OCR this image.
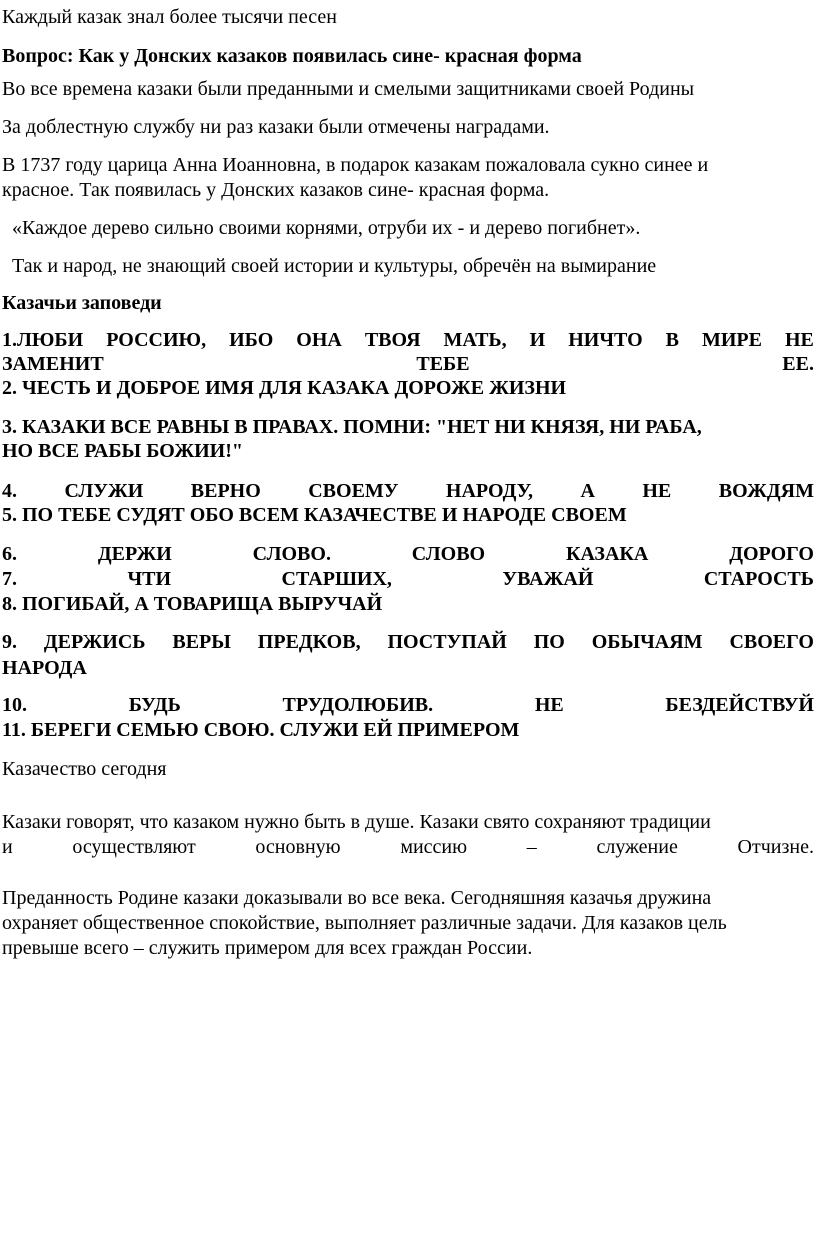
Каждый казак знал более тысячи песен

Вопрос: Как у Донских казаков появилась сине- красная форма

Во все времена казаки были преданными и смелыми защитниками своей Родины

За доблестную службу ни раз казаки были отмечены наградами.

В 1737 году царица Анна Иоанновна, в подарок казакам пожаловала сукно синее и

красное. Так появилась у Донских казаков сине- красная форма.

«Каждое дерево сильно своими корнями, отруби их - и дерево погибнет».

Так и народ, не знающий своей истории и культуры, обречён на вымирание

Казачьи заповеди

1.ЛЮБИ РОССИЮ, ИБО ОНА ТВОЯ МАТЬ, И НИЧТО В МИРЕ НЕ
ЗАМЕНИТ	ТЕБЕ	ЕЕ.

2. ЧЕСТЬ И ДОБРОЕ ИМЯ ДЛЯ КАЗАКА ДОРОЖЕ ЖИЗНИ

3. КАЗАКИ ВСЕ РАВНЫ В ПРАВАХ. ПОМНИ: "НЕТ НИ КНЯЗЯ, НИ РАБА,

НО ВСЕ РАБЫ БОЖИИ!"

4. СЛУЖИ ВЕРНО СВОЕМУ НАРОДУ, А НЕ ВОЖДЯМ

5. ПО ТЕБЕ СУДЯТ ОБО ВСЕМ КАЗАЧЕСТВЕ И НАРОДЕ СВОЕМ

6.	ДЕРЖИ	СЛОВО.	СЛОВО	КАЗАКА	ДОРОГО
7.	ЧТИ	СТАРШИХ,	УВАЖАЙ	СТАРОСТЬ

8. ПОГИБАЙ, А ТОВАРИЩА ВЫРУЧАЙ

9. ДЕРЖИСЬ ВЕРЫ ПРЕДКОВ, ПОСТУПАЙ ПО ОБЫЧАЯМ СВОЕГО

НАРОДА

10.	БУДЬ	ТРУДОЛЮБИВ.	НЕ	БЕЗДЕЙСТВУЙ

11. БЕРЕГИ СЕМЬЮ СВОЮ. СЛУЖИ ЕЙ ПРИМЕРОМ

Казачество сегодня

Казаки говорят, что казаком нужно быть в душе. Казаки свято сохраняют традиции

и	осуществляют	основную	миссию	–	служение	Отчизне.

Преданность Родине казаки доказывали во все века. Сегодняшняя казачья дружина

охраняет общественное спокойствие, выполняет различные задачи. Для казаков цель

превыше всего – служить примером для всех граждан России.
